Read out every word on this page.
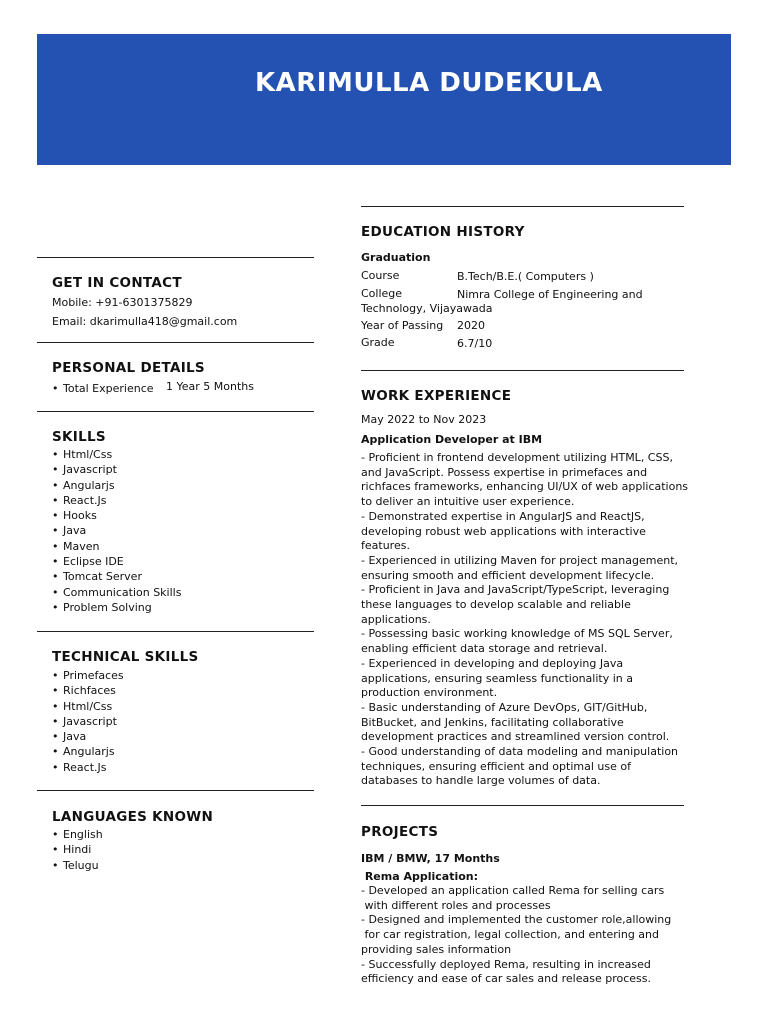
KARIMULLA DUDEKULA
GET IN CONTACT
Mobile: +91-6301375829
Email: dkarimulla418@gmail.com
PERSONAL DETAILS
• Total Experience 1 Year 5 Months
SKILLS
• Html/Css
• Javascript
• Angularjs
• React.Js
• Hooks
• Java
• Maven
• Eclipse IDE
• Tomcat Server
• Communication Skills
• Problem Solving
TECHNICAL SKILLS
• Primefaces
• Richfaces
• Html/Css
• Javascript
• Java
• Angularjs
• React.Js
LANGUAGES KNOWN
• English
• Hindi
• Telugu
EDUCATION HISTORY
Graduation
Course	B.Tech/B.E.( Computers )
College	Nimra College of Engineering and
Technology, Vijayawada
Year of Passing 2020
Grade	6.7/10
WORK EXPERIENCE
May 2022 to Nov 2023
Application Developer at IBM
- Proficient in frontend development utilizing HTML, CSS,
and JavaScript. Possess expertise in primefaces and
richfaces frameworks, enhancing UI/UX of web applications
to deliver an intuitive user experience.
- Demonstrated expertise in AngularJS and ReactJS,
developing robust web applications with interactive
features.
- Experienced in utilizing Maven for project management,
ensuring smooth and efficient development lifecycle.
- Proficient in Java and JavaScript/TypeScript, leveraging
these languages to develop scalable and reliable
applications.
- Possessing basic working knowledge of MS SQL Server,
enabling efficient data storage and retrieval.
- Experienced in developing and deploying Java
applications, ensuring seamless functionality in a
production environment.
- Basic understanding of Azure DevOps, GIT/GitHub,
BitBucket, and Jenkins, facilitating collaborative
development practices and streamlined version control.
- Good understanding of data modeling and manipulation
techniques, ensuring efficient and optimal use of
databases to handle large volumes of data.
PROJECTS
IBM / BMW, 17 Months
Rema Application:
- Developed an application called Rema for selling cars
with different roles and processes
- Designed and implemented the customer role,allowing
for car registration, legal collection, and entering and
providing sales information
- Successfully deployed Rema, resulting in increased
efficiency and ease of car sales and release process.
